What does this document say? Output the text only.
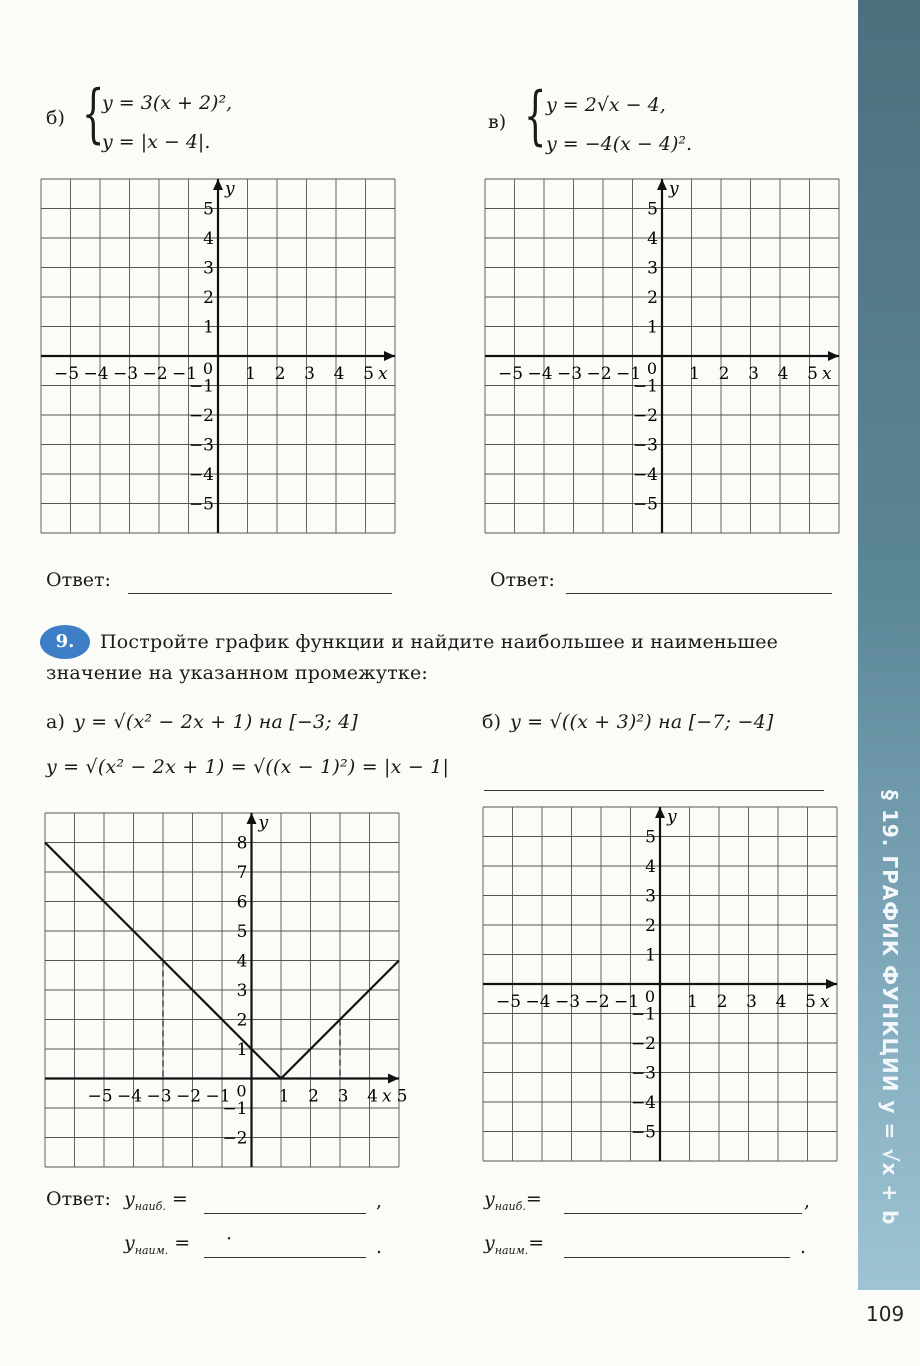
б) {
y = 3(x + 2)²,
y = |x − 4|.
в) { y = 2√x − 4,
y = −4(x − 4)².
x
y
0
−5 −4 −3 −2 −1	1 2 3 4 5
−5
−4
−3
−2
−1
1
2
3
4
5
x
y
0
−5 −4 −3 −2 −1	1 2 3 4 5
−5
−4
−3
−2
−1
1
2
3
4
5
Ответ:	Ответ:
9.	Постройте график функции и найдите наибольшее и наименьшее
значение на указанном промежутке:
а) y = √(x² − 2x + 1) на [−3; 4]
y = √(x² − 2x + 1) = √((x − 1)²) = |x − 1|
б) y = √((x + 3)²) на [−7; −4]
x
y
0
−5 −4 −3 −2 −1	1 2 3 4 5
−2
−1
1
2
3
4
5
6
7
8
x
y
0
−5 −4 −3 −2 −1	1 2 3 4 5
−5
−4
−3
−2
−1
1
2
3
4
5
Ответ: $y_{наиб.}$ =	,
$y_{наим.}$ = ·	.
$y_{наиб.}=$	,
$y_{наим.}=$	.
§ 19. ГРАФИК ФУНКЦИИ y = √x + b
109
